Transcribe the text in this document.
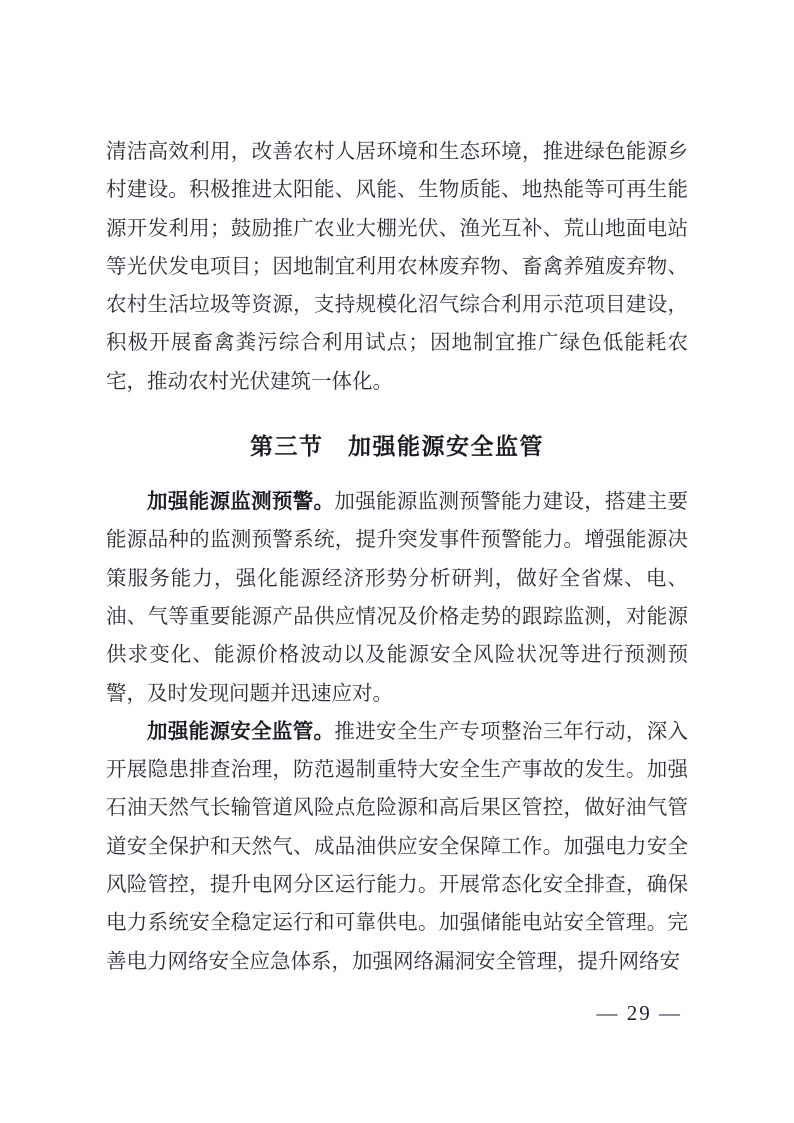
清洁高效利用，改善农村人居环境和生态环境，推进绿色能源乡村建设。积极推进太阳能、风能、生物质能、地热能等可再生能源开发利用；鼓励推广农业大棚光伏、渔光互补、荒山地面电站等光伏发电项目；因地制宜利用农林废弃物、畜禽养殖废弃物、农村生活垃圾等资源，支持规模化沼气综合利用示范项目建设，积极开展畜禽粪污综合利用试点；因地制宜推广绿色低能耗农宅，推动农村光伏建筑一体化。

第三节　加强能源安全监管

加强能源监测预警。加强能源监测预警能力建设，搭建主要能源品种的监测预警系统，提升突发事件预警能力。增强能源决策服务能力，强化能源经济形势分析研判，做好全省煤、电、油、气等重要能源产品供应情况及价格走势的跟踪监测，对能源供求变化、能源价格波动以及能源安全风险状况等进行预测预警，及时发现问题并迅速应对。

加强能源安全监管。推进安全生产专项整治三年行动，深入开展隐患排查治理，防范遏制重特大安全生产事故的发生。加强石油天然气长输管道风险点危险源和高后果区管控，做好油气管道安全保护和天然气、成品油供应安全保障工作。加强电力安全风险管控，提升电网分区运行能力。开展常态化安全排查，确保电力系统安全稳定运行和可靠供电。加强储能电站安全管理。完善电力网络安全应急体系，加强网络漏洞安全管理，提升网络安

— 29 —
